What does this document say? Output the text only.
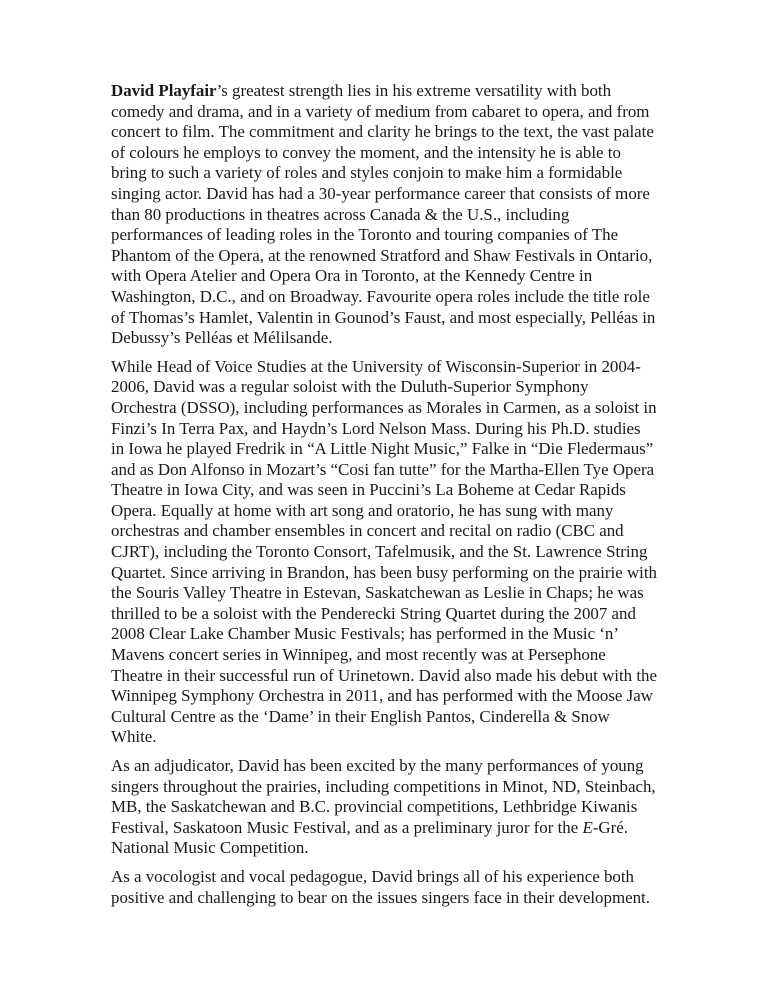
David Playfair’s greatest strength lies in his extreme versatility with both comedy and drama, and in a variety of medium from cabaret to opera, and from concert to film. The commitment and clarity he brings to the text, the vast palate of colours he employs to convey the moment, and the intensity he is able to bring to such a variety of roles and styles conjoin to make him a formidable singing actor. David has had a 30-year performance career that consists of more than 80 productions in theatres across Canada & the U.S., including performances of leading roles in the Toronto and touring companies of The Phantom of the Opera, at the renowned Stratford and Shaw Festivals in Ontario, with Opera Atelier and Opera Ora in Toronto, at the Kennedy Centre in Washington, D.C., and on Broadway. Favourite opera roles include the title role of Thomas’s Hamlet, Valentin in Gounod’s Faust, and most especially, Pelléas in Debussy’s Pelléas et Mélilsande.

While Head of Voice Studies at the University of Wisconsin-Superior in 2004-2006, David was a regular soloist with the Duluth-Superior Symphony Orchestra (DSSO), including performances as Morales in Carmen, as a soloist in Finzi’s In Terra Pax, and Haydn’s Lord Nelson Mass. During his Ph.D. studies in Iowa he played Fredrik in “A Little Night Music,” Falke in “Die Fledermaus” and as Don Alfonso in Mozart’s “Cosi fan tutte” for the Martha-Ellen Tye Opera Theatre in Iowa City, and was seen in Puccini’s La Boheme at Cedar Rapids Opera. Equally at home with art song and oratorio, he has sung with many orchestras and chamber ensembles in concert and recital on radio (CBC and CJRT), including the Toronto Consort, Tafelmusik, and the St. Lawrence String Quartet. Since arriving in Brandon, has been busy performing on the prairie with the Souris Valley Theatre in Estevan, Saskatchewan as Leslie in Chaps; he was thrilled to be a soloist with the Penderecki String Quartet during the 2007 and 2008 Clear Lake Chamber Music Festivals; has performed in the Music ‘n’ Mavens concert series in Winnipeg, and most recently was at Persephone Theatre in their successful run of Urinetown. David also made his debut with the Winnipeg Symphony Orchestra in 2011, and has performed with the Moose Jaw Cultural Centre as the ‘Dame’ in their English Pantos, Cinderella & Snow White.

As an adjudicator, David has been excited by the many performances of young singers throughout the prairies, including competitions in Minot, ND, Steinbach, MB, the Saskatchewan and B.C. provincial competitions, Lethbridge Kiwanis Festival, Saskatoon Music Festival, and as a preliminary juror for the E-Gré. National Music Competition.

As a vocologist and vocal pedagogue, David brings all of his experience both positive and challenging to bear on the issues singers face in their development.
